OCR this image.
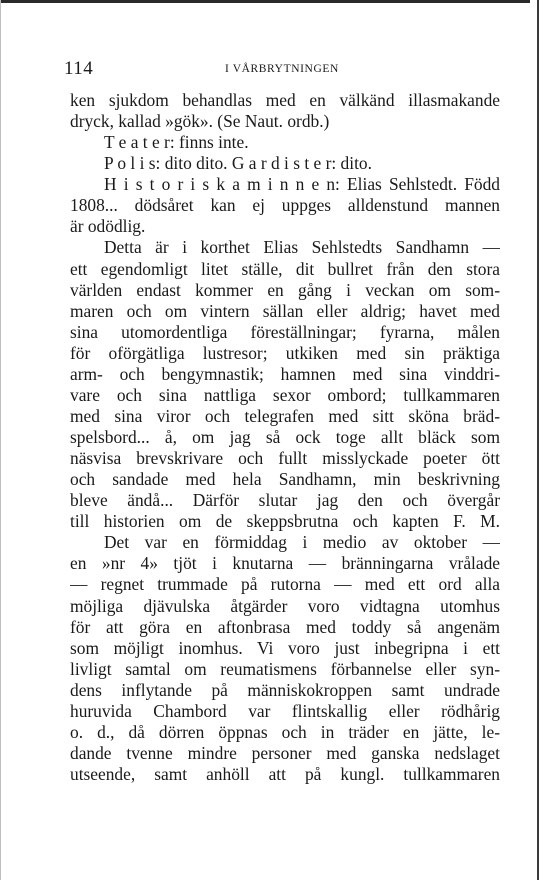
114	I VÅRBRYTNINGEN
ken sjukdom behandlas med en välkänd illasmakande
dryck, kallad »gök». (Se Naut. ordb.)
T e a t e r: finns inte.
P o l i s: dito dito. G a r d i s t e r: dito.
H i s t o r i s k a m i n n e n: Elias Sehlstedt. Född
1808... dödsåret kan ej uppges alldenstund mannen
är odödlig.
Detta är i korthet Elias Sehlstedts Sandhamn —
ett egendomligt litet ställe, dit bullret från den stora
världen endast kommer en gång i veckan om som-
maren och om vintern sällan eller aldrig; havet med
sina utomordentliga föreställningar; fyrarna, målen
för oförgätliga lustresor; utkiken med sin präktiga
arm- och bengymnastik; hamnen med sina vinddri-
vare och sina nattliga sexor ombord; tullkammaren
med sina viror och telegrafen med sitt sköna bräd-
spelsbord... å, om jag så ock toge allt bläck som
näsvisa brevskrivare och fullt misslyckade poeter ött
och sandade med hela Sandhamn, min beskrivning
bleve ändå... Därför slutar jag den och övergår
till historien om de skeppsbrutna och kapten F. M.
Det var en förmiddag i medio av oktober —
en »nr 4» tjöt i knutarna — bränningarna vrålade
— regnet trummade på rutorna — med ett ord alla
möjliga djävulska åtgärder voro vidtagna utomhus
för att göra en aftonbrasa med toddy så angenäm
som möjligt inomhus. Vi voro just inbegripna i ett
livligt samtal om reumatismens förbannelse eller syn-
dens inflytande på människokroppen samt undrade
huruvida Chambord var flintskallig eller rödhårig
o. d., då dörren öppnas och in träder en jätte, le-
dande tvenne mindre personer med ganska nedslaget
utseende, samt anhöll att på kungl. tullkammaren
